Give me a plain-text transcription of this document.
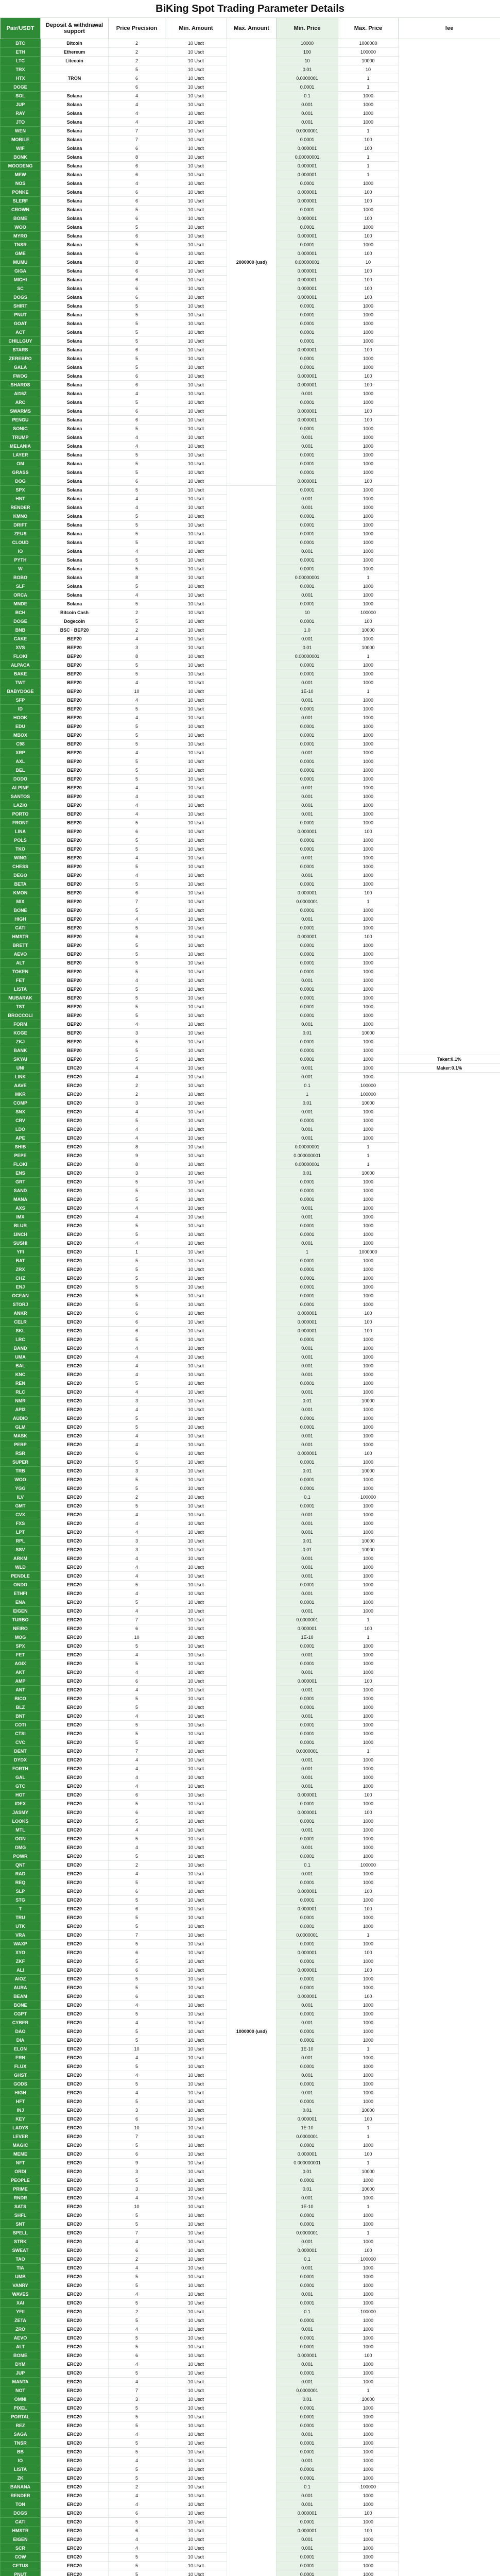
BiKing Spot Trading Parameter Details
Pair/USDT	Deposit & withdrawal support	Price Precision	Min. Amount	Max. Amount	Min. Price	Max. Price	fee
BTC	Bitcoin	2	10 Usdt	2000000 (usd)	10000	1000000	
ETH	Ethereum	2	10 Usdt		100	100000	
LTC	Litecoin	2	10 Usdt		10	10000	
TRX		5	10 Usdt		0.01	10	
HTX	TRON	6	10 Usdt		0.0000001	1	
DOGE		6	10 Usdt		0.0001	1	
SOL	Solana	4	10 Usdt		0.1	1000	
JUP	Solana	4	10 Usdt		0.001	1000	
RAY	Solana	4	10 Usdt		0.001	1000	
JTO	Solana	4	10 Usdt		0.001	1000	
WEN	Solana	7	10 Usdt		0.0000001	1	
MOBILE	Solana	7	10 Usdt		0.0001	100	
WIF	Solana	6	10 Usdt		0.000001	100	
BONK	Solana	8	10 Usdt		0.00000001	1	
MOODENG	Solana	6	10 Usdt		0.000001	1	
MEW	Solana	6	10 Usdt		0.000001	1	
NOS	Solana	4	10 Usdt		0.0001	1000	
PONKE	Solana	6	10 Usdt		0.000001	100	
SLERF	Solana	6	10 Usdt		0.000001	100	
CROWN	Solana	5	10 Usdt		0.0001	1000	
BOME	Solana	6	10 Usdt		0.000001	100	
WOO	Solana	5	10 Usdt		0.0001	1000	
MYRO	Solana	6	10 Usdt		0.000001	100	
TNSR	Solana	5	10 Usdt		0.0001	1000	
GME	Solana	6	10 Usdt		0.000001	100	
MUMU	Solana	8	10 Usdt		0.00000001	10	
GIGA	Solana	6	10 Usdt		0.000001	100	
MICHI	Solana	6	10 Usdt		0.000001	100	
SC	Solana	6	10 Usdt		0.000001	100	
DOGS	Solana	6	10 Usdt		0.000001	100	
SHIRT	Solana	5	10 Usdt		0.0001	1000	
PNUT	Solana	5	10 Usdt		0.0001	1000	
GOAT	Solana	5	10 Usdt		0.0001	1000	
ACT	Solana	5	10 Usdt		0.0001	1000	
CHILLGUY	Solana	5	10 Usdt		0.0001	1000	
STARS	Solana	6	10 Usdt		0.000001	100	
ZEREBRO	Solana	5	10 Usdt		0.0001	1000	
GALA	Solana	5	10 Usdt		0.0001	1000	
FWOG	Solana	6	10 Usdt		0.000001	100	
SHARDS	Solana	6	10 Usdt		0.000001	100	
AI16Z	Solana	4	10 Usdt		0.001	1000	
ARC	Solana	5	10 Usdt		0.0001	1000	
SWARMS	Solana	6	10 Usdt		0.000001	100	
PENGU	Solana	6	10 Usdt		0.000001	100	
SONIC	Solana	5	10 Usdt		0.0001	1000	
TRUMP	Solana	4	10 Usdt		0.001	1000	
MELANIA	Solana	4	10 Usdt		0.001	1000	
LAYER	Solana	5	10 Usdt		0.0001	1000	
OM	Solana	5	10 Usdt		0.0001	1000	
GRASS	Solana	5	10 Usdt		0.0001	1000	
DOG	Solana	6	10 Usdt		0.000001	100	
SPX	Solana	5	10 Usdt	1000000 (usd)	0.0001	1000	
HNT	Solana	4	10 Usdt		0.001	1000	
RENDER	Solana	4	10 Usdt		0.001	1000	
KMNO	Solana	5	10 Usdt		0.0001	1000	
DRIFT	Solana	5	10 Usdt		0.0001	1000	
ZEUS	Solana	5	10 Usdt		0.0001	1000	
CLOUD	Solana	5	10 Usdt		0.0001	1000	
IO	Solana	4	10 Usdt		0.001	1000	
PYTH	Solana	5	10 Usdt		0.0001	1000	
W	Solana	5	10 Usdt		0.0001	1000	
BOBO	Solana	8	10 Usdt		0.00000001	1	
SLF	Solana	5	10 Usdt		0.0001	1000	
ORCA	Solana	4	10 Usdt		0.001	1000	
MNDE	Solana	5	10 Usdt		0.0001	1000	
BCH	Bitcoin Cash	2	10 Usdt		10	100000	
DOGE	Dogecoin	5	10 Usdt		0.0001	100	
BNB	BSC · BEP20	2	10 Usdt		1.0	10000	
CAKE	BEP20	4	10 Usdt		0.001	1000	
XVS	BEP20	3	10 Usdt		0.01	10000	
FLOKI	BEP20	8	10 Usdt		0.00000001	1	
ALPACA	BEP20	5	10 Usdt		0.0001	1000	
BAKE	BEP20	5	10 Usdt		0.0001	1000	
TWT	BEP20	4	10 Usdt		0.001	1000	
BABYDOGE	BEP20	10	10 Usdt		1E-10	1	
SFP	BEP20	4	10 Usdt		0.001	1000	
ID	BEP20	5	10 Usdt		0.0001	1000	
HOOK	BEP20	4	10 Usdt		0.001	1000	
EDU	BEP20	5	10 Usdt		0.0001	1000	
MBOX	BEP20	5	10 Usdt		0.0001	1000	
C98	BEP20	5	10 Usdt		0.0001	1000	
XRP	BEP20	4	10 Usdt		0.001	1000	
AXL	BEP20	5	10 Usdt		0.0001	1000	
BEL	BEP20	5	10 Usdt		0.0001	1000	
DODO	BEP20	5	10 Usdt		0.0001	1000	
ALPINE	BEP20	4	10 Usdt		0.001	1000	
SANTOS	BEP20	4	10 Usdt		0.001	1000	
LAZIO	BEP20	4	10 Usdt		0.001	1000	
PORTO	BEP20	4	10 Usdt		0.001	1000	
FRONT	BEP20	5	10 Usdt		0.0001	1000	
LINA	BEP20	6	10 Usdt		0.000001	100	
POLS	BEP20	5	10 Usdt		0.0001	1000	
TKO	BEP20	5	10 Usdt		0.0001	1000	
WING	BEP20	4	10 Usdt		0.001	1000	
CHESS	BEP20	5	10 Usdt		0.0001	1000	
DEGO	BEP20	4	10 Usdt		0.001	1000	
BETA	BEP20	5	10 Usdt		0.0001	1000	
KMON	BEP20	6	10 Usdt		0.000001	100	
MIX	BEP20	7	10 Usdt		0.0000001	1	
BONE	BEP20	5	10 Usdt		0.0001	1000	
HIGH	BEP20	4	10 Usdt		0.001	1000	
CATI	BEP20	5	10 Usdt		0.0001	1000	
HMSTR	BEP20	6	10 Usdt		0.000001	100	
BRETT	BEP20	5	10 Usdt		0.0001	1000	
AEVO	BEP20	5	10 Usdt		0.0001	1000	
ALT	BEP20	5	10 Usdt		0.0001	1000	
TOKEN	BEP20	5	10 Usdt		0.0001	1000	
FET	BEP20	4	10 Usdt		0.001	1000	
LISTA	BEP20	5	10 Usdt		0.0001	1000	
MUBARAK	BEP20	5	10 Usdt		0.0001	1000	
TST	BEP20	5	10 Usdt		0.0001	1000	
BROCCOLI	BEP20	5	10 Usdt		0.0001	1000	
FORM	BEP20	4	10 Usdt		0.001	1000	
KOGE	BEP20	3	10 Usdt		0.01	10000	
ZKJ	BEP20	5	10 Usdt		0.0001	1000	
BANK	BEP20	5	10 Usdt		0.0001	1000	
SKYAI	BEP20	5	10 Usdt		0.0001	1000	Taker:0.1%
UNI	ERC20	4	10 Usdt		0.001	1000	Maker:0.1%
LINK	ERC20	4	10 Usdt		0.001	1000	
AAVE	ERC20	2	10 Usdt		0.1	100000	
MKR	ERC20	2	10 Usdt		1	100000	
COMP	ERC20	3	10 Usdt		0.01	10000	
SNX	ERC20	4	10 Usdt		0.001	1000	
CRV	ERC20	5	10 Usdt		0.0001	1000	
LDO	ERC20	4	10 Usdt		0.001	1000	
APE	ERC20	4	10 Usdt		0.001	1000	
SHIB	ERC20	8	10 Usdt		0.00000001	1	
PEPE	ERC20	9	10 Usdt		0.000000001	1	
FLOKI	ERC20	8	10 Usdt		0.00000001	1	
ENS	ERC20	3	10 Usdt		0.01	10000	
GRT	ERC20	5	10 Usdt		0.0001	1000	
SAND	ERC20	5	10 Usdt		0.0001	1000	
MANA	ERC20	5	10 Usdt		0.0001	1000	
AXS	ERC20	4	10 Usdt		0.001	1000	
IMX	ERC20	4	10 Usdt		0.001	1000	
BLUR	ERC20	5	10 Usdt		0.0001	1000	
1INCH	ERC20	5	10 Usdt		0.0001	1000	
SUSHI	ERC20	4	10 Usdt		0.001	1000	
YFI	ERC20	1	10 Usdt		1	1000000	
BAT	ERC20	5	10 Usdt		0.0001	1000	
ZRX	ERC20	5	10 Usdt		0.0001	1000	
CHZ	ERC20	5	10 Usdt		0.0001	1000	
ENJ	ERC20	5	10 Usdt		0.0001	1000	
OCEAN	ERC20	5	10 Usdt		0.0001	1000	
STORJ	ERC20	5	10 Usdt		0.0001	1000	
ANKR	ERC20	6	10 Usdt		0.000001	100	
CELR	ERC20	6	10 Usdt		0.000001	100	
SKL	ERC20	6	10 Usdt		0.000001	100	
LRC	ERC20	5	10 Usdt		0.0001	1000	
BAND	ERC20	4	10 Usdt		0.001	1000	
UMA	ERC20	4	10 Usdt		0.001	1000	
BAL	ERC20	4	10 Usdt		0.001	1000	
KNC	ERC20	4	10 Usdt		0.001	1000	
REN	ERC20	5	10 Usdt		0.0001	1000	
RLC	ERC20	4	10 Usdt		0.001	1000	
NMR	ERC20	3	10 Usdt		0.01	10000	
API3	ERC20	4	10 Usdt		0.001	1000	
AUDIO	ERC20	5	10 Usdt		0.0001	1000	
GLM	ERC20	5	10 Usdt		0.0001	1000	
MASK	ERC20	4	10 Usdt		0.001	1000	
PERP	ERC20	4	10 Usdt		0.001	1000	
RSR	ERC20	6	10 Usdt		0.000001	100	
SUPER	ERC20	5	10 Usdt		0.0001	1000	
TRB	ERC20	3	10 Usdt		0.01	10000	
WOO	ERC20	5	10 Usdt		0.0001	1000	
YGG	ERC20	5	10 Usdt		0.0001	1000	
ILV	ERC20	2	10 Usdt		0.1	100000	
GMT	ERC20	5	10 Usdt		0.0001	1000	
CVX	ERC20	4	10 Usdt		0.001	1000	
FXS	ERC20	4	10 Usdt		0.001	1000	
LPT	ERC20	4	10 Usdt		0.001	1000	
RPL	ERC20	3	10 Usdt		0.01	10000	
SSV	ERC20	3	10 Usdt		0.01	10000	
ARKM	ERC20	4	10 Usdt		0.001	1000	
WLD	ERC20	4	10 Usdt		0.001	1000	
PENDLE	ERC20	4	10 Usdt		0.001	1000	
ONDO	ERC20	5	10 Usdt		0.0001	1000	
ETHFI	ERC20	4	10 Usdt		0.001	1000	
ENA	ERC20	5	10 Usdt		0.0001	1000	
EIGEN	ERC20	4	10 Usdt		0.001	1000	
TURBO	ERC20	7	10 Usdt		0.0000001	1	
NEIRO	ERC20	6	10 Usdt		0.000001	100	
MOG	ERC20	10	10 Usdt		1E-10	1	
SPX	ERC20	5	10 Usdt		0.0001	1000	
FET	ERC20	4	10 Usdt		0.001	1000	
AGIX	ERC20	5	10 Usdt		0.0001	1000	
AKT	ERC20	4	10 Usdt		0.001	1000	
AMP	ERC20	6	10 Usdt		0.000001	100	
ANT	ERC20	4	10 Usdt		0.001	1000	
BICO	ERC20	5	10 Usdt		0.0001	1000	
BLZ	ERC20	5	10 Usdt		0.0001	1000	
BNT	ERC20	4	10 Usdt		0.001	1000	
COTI	ERC20	5	10 Usdt		0.0001	1000	
CTSI	ERC20	5	10 Usdt		0.0001	1000	
CVC	ERC20	5	10 Usdt		0.0001	1000	
DENT	ERC20	7	10 Usdt		0.0000001	1	
DYDX	ERC20	4	10 Usdt		0.001	1000	
FORTH	ERC20	4	10 Usdt		0.001	1000	
GAL	ERC20	4	10 Usdt		0.001	1000	
GTC	ERC20	4	10 Usdt		0.001	1000	
HOT	ERC20	6	10 Usdt		0.000001	100	
IDEX	ERC20	5	10 Usdt		0.0001	1000	
JASMY	ERC20	6	10 Usdt		0.000001	100	
LOOKS	ERC20	5	10 Usdt		0.0001	1000	
MTL	ERC20	4	10 Usdt		0.001	1000	
OGN	ERC20	5	10 Usdt		0.0001	1000	
OMG	ERC20	4	10 Usdt		0.001	1000	
POWR	ERC20	5	10 Usdt		0.0001	1000	
QNT	ERC20	2	10 Usdt		0.1	100000	
RAD	ERC20	4	10 Usdt		0.001	1000	
REQ	ERC20	5	10 Usdt		0.0001	1000	
SLP	ERC20	6	10 Usdt		0.000001	100	
STG	ERC20	5	10 Usdt		0.0001	1000	
T	ERC20	6	10 Usdt		0.000001	100	
TRU	ERC20	5	10 Usdt		0.0001	1000	
UTK	ERC20	5	10 Usdt		0.0001	1000	
VRA	ERC20	7	10 Usdt		0.0000001	1	
WAXP	ERC20	5	10 Usdt		0.0001	1000	
XYO	ERC20	6	10 Usdt		0.000001	100	
ZKF	ERC20	5	10 Usdt		0.0001	1000	
ALI	ERC20	6	10 Usdt		0.000001	100	
AIOZ	ERC20	5	10 Usdt		0.0001	1000	
AURA	ERC20	5	10 Usdt		0.0001	1000	
BEAM	ERC20	6	10 Usdt		0.000001	100	
BONE	ERC20	4	10 Usdt		0.001	1000	
CGPT	ERC20	5	10 Usdt		0.0001	1000	
CYBER	ERC20	4	10 Usdt		0.001	1000	
DAO	ERC20	5	10 Usdt		0.0001	1000	
DIA	ERC20	5	10 Usdt		0.0001	1000	
ELON	ERC20	10	10 Usdt		1E-10	1	
ERN	ERC20	4	10 Usdt		0.001	1000	
FLUX	ERC20	5	10 Usdt		0.0001	1000	
GHST	ERC20	4	10 Usdt		0.001	1000	
GODS	ERC20	5	10 Usdt		0.0001	1000	
HIGH	ERC20	4	10 Usdt		0.001	1000	
HFT	ERC20	5	10 Usdt		0.0001	1000	
INJ	ERC20	3	10 Usdt		0.01	10000	
KEY	ERC20	6	10 Usdt		0.000001	100	
LADYS	ERC20	10	10 Usdt		1E-10	1	
LEVER	ERC20	7	10 Usdt		0.0000001	1	
MAGIC	ERC20	5	10 Usdt		0.0001	1000	
MEME	ERC20	6	10 Usdt		0.000001	100	
NFT	ERC20	9	10 Usdt		0.000000001	1	
ORDI	ERC20	3	10 Usdt		0.01	10000	
PEOPLE	ERC20	5	10 Usdt		0.0001	1000	
PRIME	ERC20	3	10 Usdt		0.01	10000	
RNDR	ERC20	4	10 Usdt		0.001	1000	
SATS	ERC20	10	10 Usdt		1E-10	1	
SHFL	ERC20	5	10 Usdt		0.0001	1000	
SNT	ERC20	5	10 Usdt		0.0001	1000	
SPELL	ERC20	7	10 Usdt		0.0000001	1	
STRK	ERC20	4	10 Usdt		0.001	1000	
SWEAT	ERC20	6	10 Usdt		0.000001	100	
TAO	ERC20	2	10 Usdt		0.1	100000	
TIA	ERC20	4	10 Usdt		0.001	1000	
UMB	ERC20	5	10 Usdt		0.0001	1000	
VANRY	ERC20	5	10 Usdt		0.0001	1000	
WAVES	ERC20	4	10 Usdt		0.001	1000	
XAI	ERC20	5	10 Usdt		0.0001	1000	
YFII	ERC20	2	10 Usdt		0.1	100000	
ZETA	ERC20	5	10 Usdt		0.0001	1000	
ZRO	ERC20	4	10 Usdt		0.001	1000	
AEVO	ERC20	5	10 Usdt		0.0001	1000	
ALT	ERC20	5	10 Usdt		0.0001	1000	
BOME	ERC20	6	10 Usdt		0.000001	100	
DYM	ERC20	4	10 Usdt		0.001	1000	
JUP	ERC20	5	10 Usdt		0.0001	1000	
MANTA	ERC20	4	10 Usdt		0.001	1000	
NOT	ERC20	7	10 Usdt		0.0000001	1	
OMNI	ERC20	3	10 Usdt		0.01	10000	
PIXEL	ERC20	5	10 Usdt		0.0001	1000	
PORTAL	ERC20	5	10 Usdt		0.0001	1000	
REZ	ERC20	5	10 Usdt		0.0001	1000	
SAGA	ERC20	4	10 Usdt		0.001	1000	
TNSR	ERC20	5	10 Usdt		0.0001	1000	
BB	ERC20	5	10 Usdt		0.0001	1000	
IO	ERC20	4	10 Usdt		0.001	1000	
LISTA	ERC20	5	10 Usdt		0.0001	1000	
ZK	ERC20	5	10 Usdt		0.0001	1000	
BANANA	ERC20	2	10 Usdt		0.1	100000	
RENDER	ERC20	4	10 Usdt		0.001	1000	
TON	ERC20	4	10 Usdt		0.001	1000	
DOGS	ERC20	6	10 Usdt		0.000001	100	
CATI	ERC20	5	10 Usdt		0.0001	1000	
HMSTR	ERC20	6	10 Usdt		0.000001	100	
EIGEN	ERC20	4	10 Usdt		0.001	1000	
SCR	ERC20	4	10 Usdt		0.001	1000	
COW	ERC20	5	10 Usdt		0.0001	1000	
CETUS	ERC20	5	10 Usdt		0.0001	1000	
PNUT	ERC20	5	10 Usdt		0.0001	1000	
